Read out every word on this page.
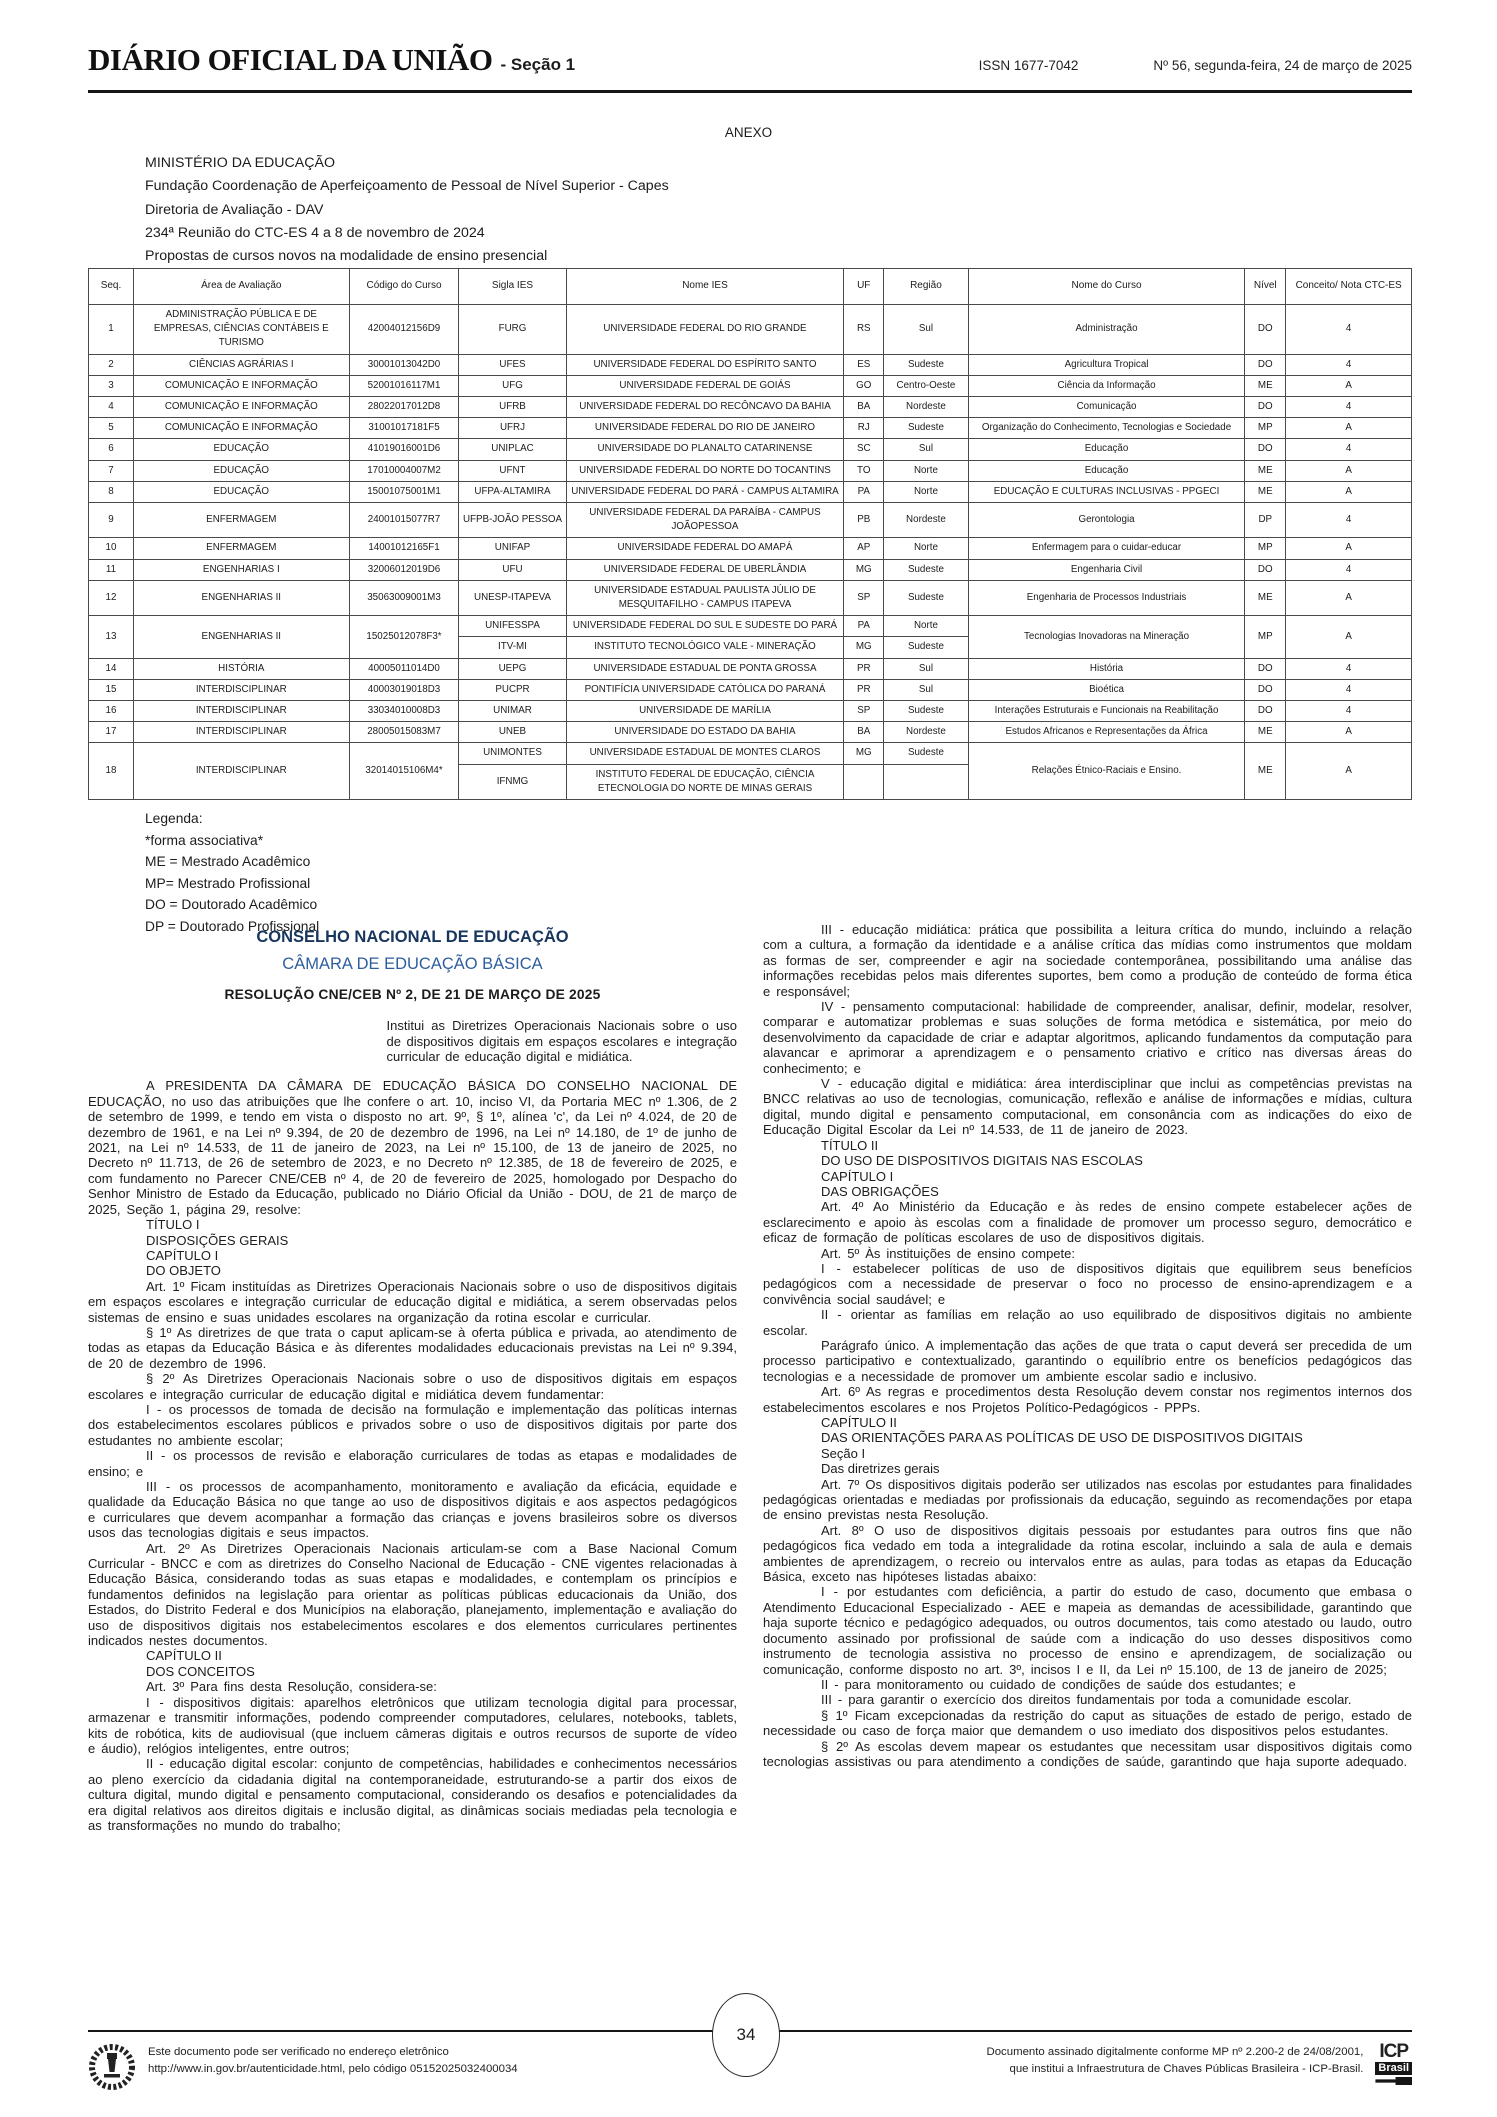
DIÁRIO OFICIAL DA UNIÃO - Seção 1	ISSN 1677-7042	Nº 56, segunda-feira, 24 de março de 2025
ANEXO
MINISTÉRIO DA EDUCAÇÃO
Fundação Coordenação de Aperfeiçoamento de Pessoal de Nível Superior - Capes
Diretoria de Avaliação - DAV
234ª Reunião do CTC-ES 4 a 8 de novembro de 2024
Propostas de cursos novos na modalidade de ensino presencial
Seq.	Área de Avaliação	Código do Curso	Sigla IES	Nome IES	UF	Região	Nome do Curso	Nível	Conceito/ Nota CTC-ES
1	ADMINISTRAÇÃO PÚBLICA E DE EMPRESAS, CIÊNCIAS CONTÁBEIS E TURISMO	42004012156D9	FURG	UNIVERSIDADE FEDERAL DO RIO GRANDE	RS	Sul	Administração	DO	4
2	CIÊNCIAS AGRÁRIAS I	30001013042D0	UFES	UNIVERSIDADE FEDERAL DO ESPÍRITO SANTO	ES	Sudeste	Agricultura Tropical	DO	4
3	COMUNICAÇÃO E INFORMAÇÃO	52001016117M1	UFG	UNIVERSIDADE FEDERAL DE GOIÁS	GO	Centro-Oeste	Ciência da Informação	ME	A
4	COMUNICAÇÃO E INFORMAÇÃO	28022017012D8	UFRB	UNIVERSIDADE FEDERAL DO RECÔNCAVO DA BAHIA	BA	Nordeste	Comunicação	DO	4
5	COMUNICAÇÃO E INFORMAÇÃO	31001017181F5	UFRJ	UNIVERSIDADE FEDERAL DO RIO DE JANEIRO	RJ	Sudeste	Organização do Conhecimento, Tecnologias e Sociedade	MP	A
6	EDUCAÇÃO	41019016001D6	UNIPLAC	UNIVERSIDADE DO PLANALTO CATARINENSE	SC	Sul	Educação	DO	4
7	EDUCAÇÃO	17010004007M2	UFNT	UNIVERSIDADE FEDERAL DO NORTE DO TOCANTINS	TO	Norte	Educação	ME	A
8	EDUCAÇÃO	15001075001M1	UFPA-ALTAMIRA	UNIVERSIDADE FEDERAL DO PARÁ - CAMPUS ALTAMIRA	PA	Norte	EDUCAÇÃO E CULTURAS INCLUSIVAS - PPGECI	ME	A
9	ENFERMAGEM	24001015077R7	UFPB-JOÃO PESSOA	UNIVERSIDADE FEDERAL DA PARAÍBA - CAMPUS JOÃOPESSOA	PB	Nordeste	Gerontologia	DP	4
10	ENFERMAGEM	14001012165F1	UNIFAP	UNIVERSIDADE FEDERAL DO AMAPÁ	AP	Norte	Enfermagem para o cuidar-educar	MP	A
11	ENGENHARIAS I	32006012019D6	UFU	UNIVERSIDADE FEDERAL DE UBERLÂNDIA	MG	Sudeste	Engenharia Civil	DO	4
12	ENGENHARIAS II	35063009001M3	UNESP-ITAPEVA	UNIVERSIDADE ESTADUAL PAULISTA JÚLIO DE MESQUITAFILHO - CAMPUS ITAPEVA	SP	Sudeste	Engenharia de Processos Industriais	ME	A
13	ENGENHARIAS II	15025012078F3*	UNIFESSPA	UNIVERSIDADE FEDERAL DO SUL E SUDESTE DO PARÁ	PA	Norte	Tecnologias Inovadoras na Mineração	MP	A
			ITV-MI	INSTITUTO TECNOLÓGICO VALE - MINERAÇÃO	MG	Sudeste			
14	HISTÓRIA	40005011014D0	UEPG	UNIVERSIDADE ESTADUAL DE PONTA GROSSA	PR	Sul	História	DO	4
15	INTERDISCIPLINAR	40003019018D3	PUCPR	PONTIFÍCIA UNIVERSIDADE CATÓLICA DO PARANÁ	PR	Sul	Bioética	DO	4
16	INTERDISCIPLINAR	33034010008D3	UNIMAR	UNIVERSIDADE DE MARÍLIA	SP	Sudeste	Interações Estruturais e Funcionais na Reabilitação	DO	4
17	INTERDISCIPLINAR	28005015083M7	UNEB	UNIVERSIDADE DO ESTADO DA BAHIA	BA	Nordeste	Estudos Africanos e Representações da África	ME	A
18	INTERDISCIPLINAR	32014015106M4*	UNIMONTES	UNIVERSIDADE ESTADUAL DE MONTES CLAROS	MG	Sudeste	Relações Étnico-Raciais e Ensino.	ME	A
			IFNMG	INSTITUTO FEDERAL DE EDUCAÇÃO, CIÊNCIA ETECNOLOGIA DO NORTE DE MINAS GERAIS					
Legenda:
*forma associativa*
ME = Mestrado Acadêmico
MP= Mestrado Profissional
DO = Doutorado Acadêmico
DP = Doutorado Profissional
CONSELHO NACIONAL DE EDUCAÇÃO
CÂMARA DE EDUCAÇÃO BÁSICA
RESOLUÇÃO CNE/CEB Nº 2, DE 21 DE MARÇO DE 2025
Institui as Diretrizes Operacionais Nacionais sobre o uso de dispositivos digitais em espaços escolares e integração curricular de educação digital e midiática.

A PRESIDENTA DA CÂMARA DE EDUCAÇÃO BÁSICA DO CONSELHO NACIONAL DE EDUCAÇÃO, no uso das atribuições que lhe confere o art. 10, inciso VI, da Portaria MEC nº 1.306, de 2 de setembro de 1999, e tendo em vista o disposto no art. 9º, § 1º, alínea 'c', da Lei nº 4.024, de 20 de dezembro de 1961, e na Lei nº 9.394, de 20 de dezembro de 1996, na Lei nº 14.180, de 1º de junho de 2021, na Lei nº 14.533, de 11 de janeiro de 2023, na Lei nº 15.100, de 13 de janeiro de 2025, no Decreto nº 11.713, de 26 de setembro de 2023, e no Decreto nº 12.385, de 18 de fevereiro de 2025, e com fundamento no Parecer CNE/CEB nº 4, de 20 de fevereiro de 2025, homologado por Despacho do Senhor Ministro de Estado da Educação, publicado no Diário Oficial da União - DOU, de 21 de março de 2025, Seção 1, página 29, resolve:

TÍTULO I

DISPOSIÇÕES GERAIS

CAPÍTULO I

DO OBJETO

Art. 1º Ficam instituídas as Diretrizes Operacionais Nacionais sobre o uso de dispositivos digitais em espaços escolares e integração curricular de educação digital e midiática, a serem observadas pelos sistemas de ensino e suas unidades escolares na organização da rotina escolar e curricular.

§ 1º As diretrizes de que trata o caput aplicam-se à oferta pública e privada, ao atendimento de todas as etapas da Educação Básica e às diferentes modalidades educacionais previstas na Lei nº 9.394, de 20 de dezembro de 1996.

§ 2º As Diretrizes Operacionais Nacionais sobre o uso de dispositivos digitais em espaços escolares e integração curricular de educação digital e midiática devem fundamentar:

I - os processos de tomada de decisão na formulação e implementação das políticas internas dos estabelecimentos escolares públicos e privados sobre o uso de dispositivos digitais por parte dos estudantes no ambiente escolar;

II - os processos de revisão e elaboração curriculares de todas as etapas e modalidades de ensino; e

III - os processos de acompanhamento, monitoramento e avaliação da eficácia, equidade e qualidade da Educação Básica no que tange ao uso de dispositivos digitais e aos aspectos pedagógicos e curriculares que devem acompanhar a formação das crianças e jovens brasileiros sobre os diversos usos das tecnologias digitais e seus impactos.

Art. 2º As Diretrizes Operacionais Nacionais articulam-se com a Base Nacional Comum Curricular - BNCC e com as diretrizes do Conselho Nacional de Educação - CNE vigentes relacionadas à Educação Básica, considerando todas as suas etapas e modalidades, e contemplam os princípios e fundamentos definidos na legislação para orientar as políticas públicas educacionais da União, dos Estados, do Distrito Federal e dos Municípios na elaboração, planejamento, implementação e avaliação do uso de dispositivos digitais nos estabelecimentos escolares e dos elementos curriculares pertinentes indicados nestes documentos.

CAPÍTULO II

DOS CONCEITOS

Art. 3º Para fins desta Resolução, considera-se:

I - dispositivos digitais: aparelhos eletrônicos que utilizam tecnologia digital para processar, armazenar e transmitir informações, podendo compreender computadores, celulares, notebooks, tablets, kits de robótica, kits de audiovisual (que incluem câmeras digitais e outros recursos de suporte de vídeo e áudio), relógios inteligentes, entre outros;

II - educação digital escolar: conjunto de competências, habilidades e conhecimentos necessários ao pleno exercício da cidadania digital na contemporaneidade, estruturando-se a partir dos eixos de cultura digital, mundo digital e pensamento computacional, considerando os desafios e potencialidades da era digital relativos aos direitos digitais e inclusão digital, as dinâmicas sociais mediadas pela tecnologia e as transformações no mundo do trabalho;

III - educação midiática: prática que possibilita a leitura crítica do mundo, incluindo a relação com a cultura, a formação da identidade e a análise crítica das mídias como instrumentos que moldam as formas de ser, compreender e agir na sociedade contemporânea, possibilitando uma análise das informações recebidas pelos mais diferentes suportes, bem como a produção de conteúdo de forma ética e responsável;

IV - pensamento computacional: habilidade de compreender, analisar, definir, modelar, resolver, comparar e automatizar problemas e suas soluções de forma metódica e sistemática, por meio do desenvolvimento da capacidade de criar e adaptar algoritmos, aplicando fundamentos da computação para alavancar e aprimorar a aprendizagem e o pensamento criativo e crítico nas diversas áreas do conhecimento; e

V - educação digital e midiática: área interdisciplinar que inclui as competências previstas na BNCC relativas ao uso de tecnologias, comunicação, reflexão e análise de informações e mídias, cultura digital, mundo digital e pensamento computacional, em consonância com as indicações do eixo de Educação Digital Escolar da Lei nº 14.533, de 11 de janeiro de 2023.

TÍTULO II

DO USO DE DISPOSITIVOS DIGITAIS NAS ESCOLAS

CAPÍTULO I

DAS OBRIGAÇÕES

Art. 4º Ao Ministério da Educação e às redes de ensino compete estabelecer ações de esclarecimento e apoio às escolas com a finalidade de promover um processo seguro, democrático e eficaz de formação de políticas escolares de uso de dispositivos digitais.

Art. 5º Às instituições de ensino compete:

I - estabelecer políticas de uso de dispositivos digitais que equilibrem seus benefícios pedagógicos com a necessidade de preservar o foco no processo de ensino-aprendizagem e a convivência social saudável; e

II - orientar as famílias em relação ao uso equilibrado de dispositivos digitais no ambiente escolar.

Parágrafo único. A implementação das ações de que trata o caput deverá ser precedida de um processo participativo e contextualizado, garantindo o equilíbrio entre os benefícios pedagógicos das tecnologias e a necessidade de promover um ambiente escolar sadio e inclusivo.

Art. 6º As regras e procedimentos desta Resolução devem constar nos regimentos internos dos estabelecimentos escolares e nos Projetos Político-Pedagógicos - PPPs.

CAPÍTULO II

DAS ORIENTAÇÕES PARA AS POLÍTICAS DE USO DE DISPOSITIVOS DIGITAIS

Seção I

Das diretrizes gerais

Art. 7º Os dispositivos digitais poderão ser utilizados nas escolas por estudantes para finalidades pedagógicas orientadas e mediadas por profissionais da educação, seguindo as recomendações por etapa de ensino previstas nesta Resolução.

Art. 8º O uso de dispositivos digitais pessoais por estudantes para outros fins que não pedagógicos fica vedado em toda a integralidade da rotina escolar, incluindo a sala de aula e demais ambientes de aprendizagem, o recreio ou intervalos entre as aulas, para todas as etapas da Educação Básica, exceto nas hipóteses listadas abaixo:

I - por estudantes com deficiência, a partir do estudo de caso, documento que embasa o Atendimento Educacional Especializado - AEE e mapeia as demandas de acessibilidade, garantindo que haja suporte técnico e pedagógico adequados, ou outros documentos, tais como atestado ou laudo, outro documento assinado por profissional de saúde com a indicação do uso desses dispositivos como instrumento de tecnologia assistiva no processo de ensino e aprendizagem, de socialização ou comunicação, conforme disposto no art. 3º, incisos I e II, da Lei nº 15.100, de 13 de janeiro de 2025;

II - para monitoramento ou cuidado de condições de saúde dos estudantes; e

III - para garantir o exercício dos direitos fundamentais por toda a comunidade escolar.

§ 1º Ficam excepcionadas da restrição do caput as situações de estado de perigo, estado de necessidade ou caso de força maior que demandem o uso imediato dos dispositivos pelos estudantes.

§ 2º As escolas devem mapear os estudantes que necessitam usar dispositivos digitais como tecnologias assistivas ou para atendimento a condições de saúde, garantindo que haja suporte adequado.

34
Este documento pode ser verificado no endereço eletrônico
http://www.in.gov.br/autenticidade.html, pelo código 05152025032400034
Documento assinado digitalmente conforme MP nº 2.200-2 de 24/08/2001,
que institui a Infraestrutura de Chaves Públicas Brasileira - ICP-Brasil.
ICP
Brasil
